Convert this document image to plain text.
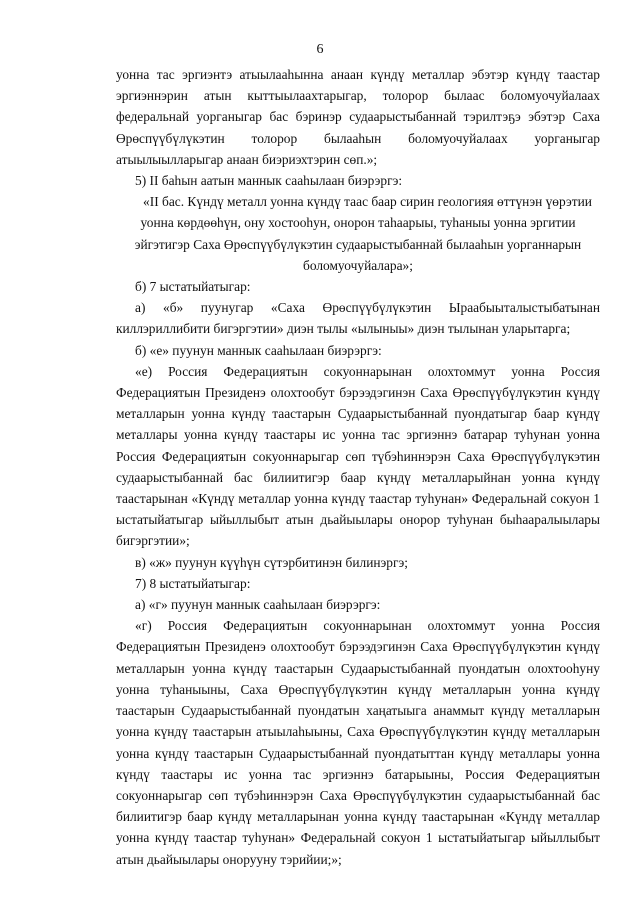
6

уонна тас эргиэнтэ атыылааһынна анаан күндү металлар эбэтэр күндү таастар эргиэннэрин атын кыттыылаахтарыгар, толорор былаас боломуочуйалаах федеральнай уорганыгар бас бэринэр судаарыстыбаннай тэрилтэҕэ эбэтэр Саха Өрөспүүбүлүкэтин толорор былааһын боломуочуйалаах уорганыгар атыылыылларыгар анаан биэриэхтэрин сөп.»;

5) II баһын аатын маннык сааһылаан биэрэргэ:

«II бас. Күндү металл уонна күндү таас баар сирин геологияя өттүнэн үөрэтии уонна көрдөөһүн, ону хостооһун, онорон таһаарыы, туһаныы уонна эргитии эйгэтигэр Саха Өрөспүүбүлүкэтин судаарыстыбаннай былааһын уорганнарын боломуочуйалара»;

б) 7 ыстатыйатыгар:

а) «б» пуунугар «Саха Өрөспүүбүлүкэтин Ыраабыыталыстыбатынан киллэриллибити бигэргэтии» диэн тылы «ылыныы» диэн тылынан уларытарга;

б) «е» пуунун маннык сааһылаан биэрэргэ:

«е) Россия Федерациятын сокуоннарынан олохтоммут уонна Россия Федерациятын Президенэ олохтообут бэрээдэгинэн Саха Өрөспүүбүлүкэтин күндү металларын уонна күндү таастарын Судаарыстыбаннай пуондатыгар баар күндү металлары уонна күндү таастары ис уонна тас эргиэннэ батарар туһунан уонна Россия Федерациятын сокуоннарыгар сөп түбэһиннэрэн Саха Өрөспүүбүлүкэтин судаарыстыбаннай бас билиитигэр баар күндү металларыйнан уонна күндү таастарынан «Күндү металлар уонна күндү таастар туһунан» Федеральнай сокуон 1 ыстатыйатыгар ыйыллыбыт атын дьайыылары онорор туһунан быһааралыылары бигэргэтии»;

в) «ж» пуунун күүһүн сүтэрбитинэн билинэргэ;

7) 8 ыстатыйатыгар:

а) «г» пуунун маннык сааһылаан биэрэргэ:

«г) Россия Федерациятын сокуоннарынан олохтоммут уонна Россия Федерациятын Президенэ олохтообут бэрээдэгинэн Саха Өрөспүүбүлүкэтин күндү металларын уонна күндү таастарын Судаарыстыбаннай пуондатын олохтооһуну уонна туһаныыны, Саха Өрөспүүбүлүкэтин күндү металларын уонна күндү таастарын Судаарыстыбаннай пуондатын хаңатыыга анаммыт күндү металларын уонна күндү таастарын атыылаһыыны, Саха Өрөспүүбүлүкэтин күндү металларын уонна күндү таастарын Судаарыстыбаннай пуондатыттан күндү металлары уонна күндү таастары ис уонна тас эргиэннэ батарыыны, Россия Федерациятын сокуоннарыгар сөп түбэһиннэрэн Саха Өрөспүүбүлүкэтин судаарыстыбаннай бас билиитигэр баар күндү металларынан уонна күндү таастарынан «Күндү металлар уонна күндү таастар туһунан» Федеральнай сокуон 1 ыстатыйатыгар ыйыллыбыт атын дьайыылары онорууну тэрийии;»;
